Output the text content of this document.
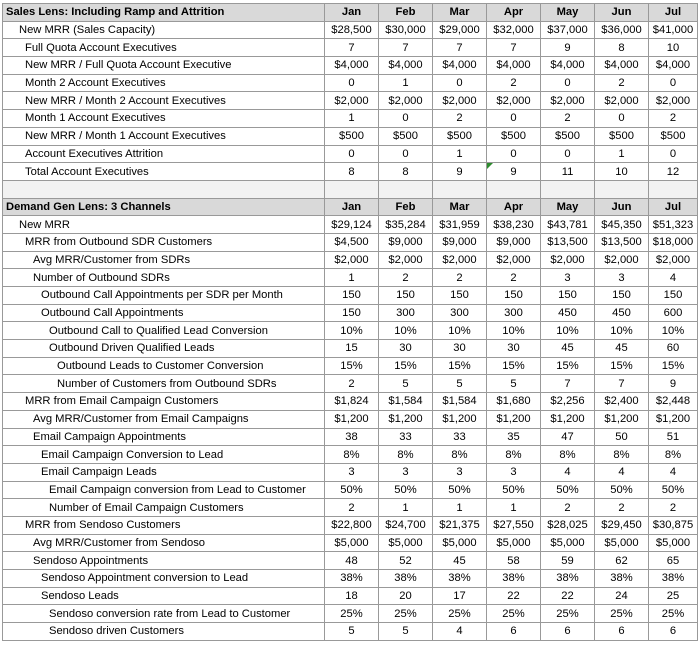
Sales Lens: Including Ramp and Attrition	Jan	Feb	Mar	Apr	May	Jun	Jul
New MRR (Sales Capacity)	$28,500	$30,000	$29,000	$32,000	$37,000	$36,000	$41,000
Full Quota Account Executives	7	7	7	7	9	8	10
New MRR / Full Quota Account Executive	$4,000	$4,000	$4,000	$4,000	$4,000	$4,000	$4,000
Month 2 Account Executives	0	1	0	2	0	2	0
New MRR / Month 2 Account Executives	$2,000	$2,000	$2,000	$2,000	$2,000	$2,000	$2,000
Month 1 Account Executives	1	0	2	0	2	0	2
New MRR / Month 1 Account Executives	$500	$500	$500	$500	$500	$500	$500
Account Executives Attrition	0	0	1	0	0	1	0
Total Account Executives	8	8	9	9	11	10	12

Demand Gen Lens: 3 Channels	Jan	Feb	Mar	Apr	May	Jun	Jul
New MRR	$29,124	$35,284	$31,959	$38,230	$43,781	$45,350	$51,323
MRR from Outbound SDR Customers	$4,500	$9,000	$9,000	$9,000	$13,500	$13,500	$18,000
Avg MRR/Customer from SDRs	$2,000	$2,000	$2,000	$2,000	$2,000	$2,000	$2,000
Number of Outbound SDRs	1	2	2	2	3	3	4
Outbound Call Appointments per SDR per Month	150	150	150	150	150	150	150
Outbound Call Appointments	150	300	300	300	450	450	600
Outbound Call to Qualified Lead Conversion	10%	10%	10%	10%	10%	10%	10%
Outbound Driven Qualified Leads	15	30	30	30	45	45	60
Outbound Leads to Customer Conversion	15%	15%	15%	15%	15%	15%	15%
Number of Customers from Outbound SDRs	2	5	5	5	7	7	9
MRR from Email Campaign Customers	$1,824	$1,584	$1,584	$1,680	$2,256	$2,400	$2,448
Avg MRR/Customer from Email Campaigns	$1,200	$1,200	$1,200	$1,200	$1,200	$1,200	$1,200
Email Campaign Appointments	38	33	33	35	47	50	51
Email Campaign Conversion to Lead	8%	8%	8%	8%	8%	8%	8%
Email Campaign Leads	3	3	3	3	4	4	4
Email Campaign conversion from Lead to Customer	50%	50%	50%	50%	50%	50%	50%
Number of Email Campaign Customers	2	1	1	1	2	2	2
MRR from Sendoso Customers	$22,800	$24,700	$21,375	$27,550	$28,025	$29,450	$30,875
Avg MRR/Customer from Sendoso	$5,000	$5,000	$5,000	$5,000	$5,000	$5,000	$5,000
Sendoso Appointments	48	52	45	58	59	62	65
Sendoso Appointment conversion to Lead	38%	38%	38%	38%	38%	38%	38%
Sendoso Leads	18	20	17	22	22	24	25
Sendoso conversion rate from Lead to Customer	25%	25%	25%	25%	25%	25%	25%
Sendoso driven Customers	5	5	4	6	6	6	6
